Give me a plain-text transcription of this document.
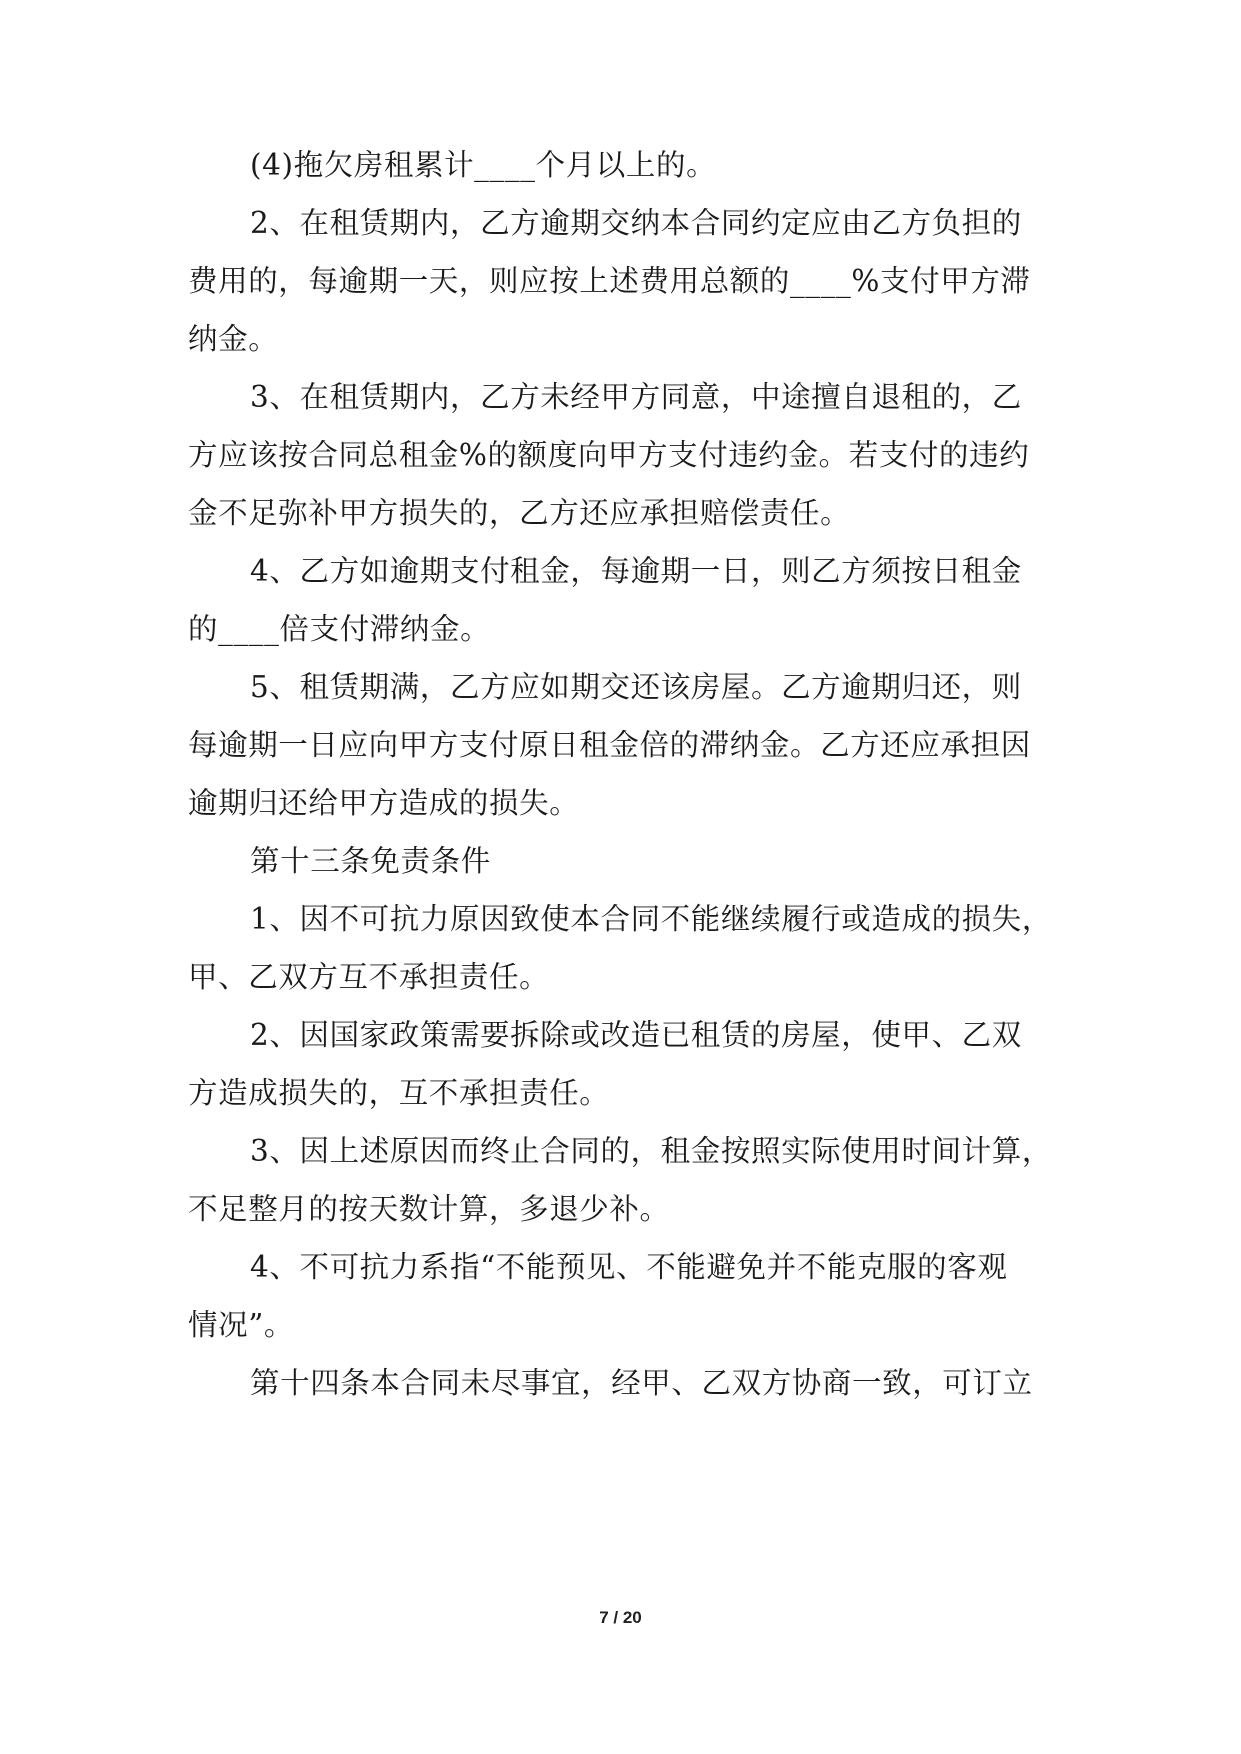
(4)拖欠房租累计____个月以上的。

2、在租赁期内，乙方逾期交纳本合同约定应由乙方负担的

费用的，每逾期一天，则应按上述费用总额的____%支付甲方滞

纳金。

3、在租赁期内，乙方未经甲方同意，中途擅自退租的，乙

方应该按合同总租金%的额度向甲方支付违约金。若支付的违约

金不足弥补甲方损失的，乙方还应承担赔偿责任。

4、乙方如逾期支付租金，每逾期一日，则乙方须按日租金

的____倍支付滞纳金。

5、租赁期满，乙方应如期交还该房屋。乙方逾期归还，则

每逾期一日应向甲方支付原日租金倍的滞纳金。乙方还应承担因

逾期归还给甲方造成的损失。

第十三条免责条件

1、因不可抗力原因致使本合同不能继续履行或造成的损失，

甲、乙双方互不承担责任。

2、因国家政策需要拆除或改造已租赁的房屋，使甲、乙双

方造成损失的，互不承担责任。

3、因上述原因而终止合同的，租金按照实际使用时间计算，

不足整月的按天数计算，多退少补。

4、不可抗力系指“不能预见、不能避免并不能克服的客观

情况”。

第十四条本合同未尽事宜，经甲、乙双方协商一致，可订立

7 / 20
